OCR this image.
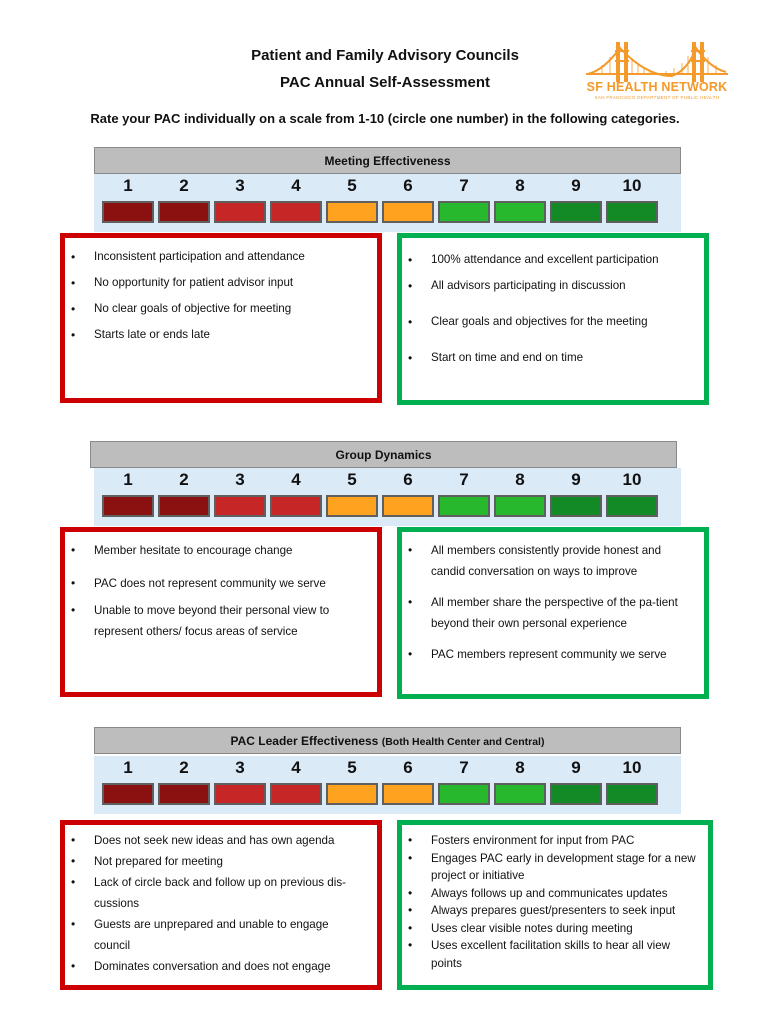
Patient and Family Advisory Councils
PAC Annual Self-Assessment	SF HEALTH NETWORK
SAN FRANCISCO DEPARTMENT OF PUBLIC HEALTH
Rate your PAC individually on a scale from 1-10 (circle one number) in the following categories.
Meeting Effectiveness
1	2	3	4	5	6	7	8	9	10
• Inconsistent participation and attendance
• No opportunity for patient advisor input
• No clear goals of objective for meeting
• Starts late or ends late
• 100% attendance and excellent participation
• All advisors participating in discussion
• Clear goals and objectives for the meeting
• Start on time and end on time
Group Dynamics
1	2	3	4	5	6	7	8	9	10
• Member hesitate to encourage change
• PAC does not represent community we serve
• Unable to move beyond their personal view to represent others/ focus areas of service
• All members consistently provide honest and candid conversation on ways to improve
• All member share the perspective of the pa-tient beyond their own personal experience
• PAC members represent community we serve
PAC Leader Effectiveness (Both Health Center and Central)
1	2	3	4	5	6	7	8	9	10
• Does not seek new ideas and has own agenda
• Not prepared for meeting
• Lack of circle back and follow up on previous dis-cussions
• Guests are unprepared and unable to engage council
• Dominates conversation and does not engage
• Fosters environment for input from PAC
• Engages PAC early in development stage for a new project or initiative
• Always follows up and communicates updates
• Always prepares guest/presenters to seek input
• Uses clear visible notes during meeting
• Uses excellent facilitation skills to hear all view points
